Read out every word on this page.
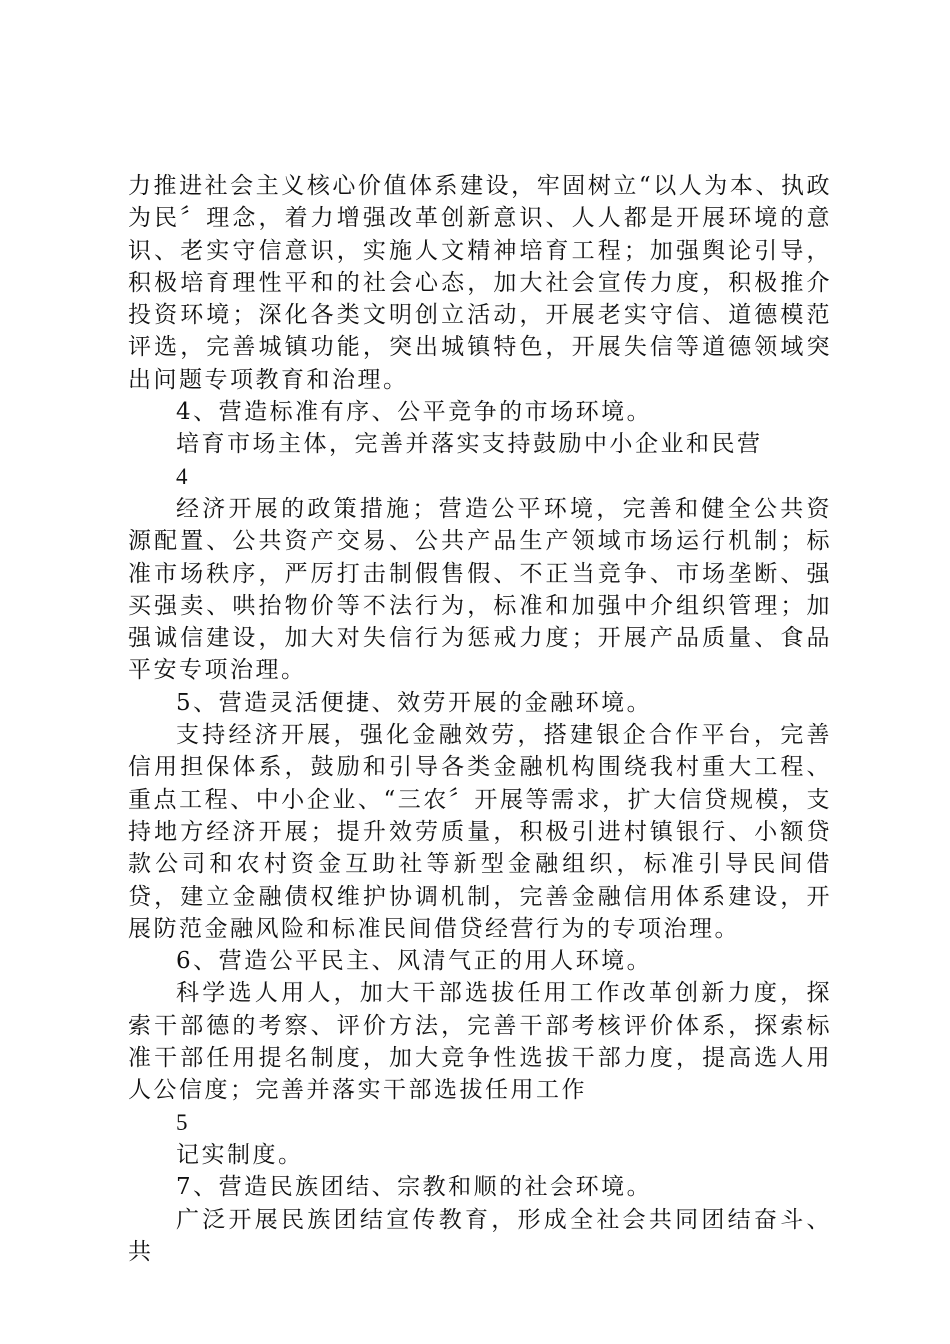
力推进社会主义核心价值体系建设，牢固树立“以人为本、执政为民〞理念，着力增强改革创新意识、人人都是开展环境的意识、老实守信意识，实施人文精神培育工程；加强舆论引导，积极培育理性平和的社会心态，加大社会宣传力度，积极推介投资环境；深化各类文明创立活动，开展老实守信、道德模范评选，完善城镇功能，突出城镇特色，开展失信等道德领域突出问题专项教育和治理。

4、营造标准有序、公平竞争的市场环境。

培育市场主体，完善并落实支持鼓励中小企业和民营

4

经济开展的政策措施；营造公平环境，完善和健全公共资源配置、公共资产交易、公共产品生产领域市场运行机制；标准市场秩序，严厉打击制假售假、不正当竞争、市场垄断、强买强卖、哄抬物价等不法行为，标准和加强中介组织管理；加强诚信建设，加大对失信行为惩戒力度；开展产品质量、食品平安专项治理。

5、营造灵活便捷、效劳开展的金融环境。

支持经济开展，强化金融效劳，搭建银企合作平台，完善信用担保体系，鼓励和引导各类金融机构围绕我村重大工程、重点工程、中小企业、“三农〞开展等需求，扩大信贷规模，支持地方经济开展；提升效劳质量，积极引进村镇银行、小额贷款公司和农村资金互助社等新型金融组织，标准引导民间借贷，建立金融债权维护协调机制，完善金融信用体系建设，开展防范金融风险和标准民间借贷经营行为的专项治理。

6、营造公平民主、风清气正的用人环境。

科学选人用人，加大干部选拔任用工作改革创新力度，探索干部德的考察、评价方法，完善干部考核评价体系，探索标准干部任用提名制度，加大竞争性选拔干部力度，提高选人用人公信度；完善并落实干部选拔任用工作

5

记实制度。

7、营造民族团结、宗教和顺的社会环境。

广泛开展民族团结宣传教育，形成全社会共同团结奋斗、共
